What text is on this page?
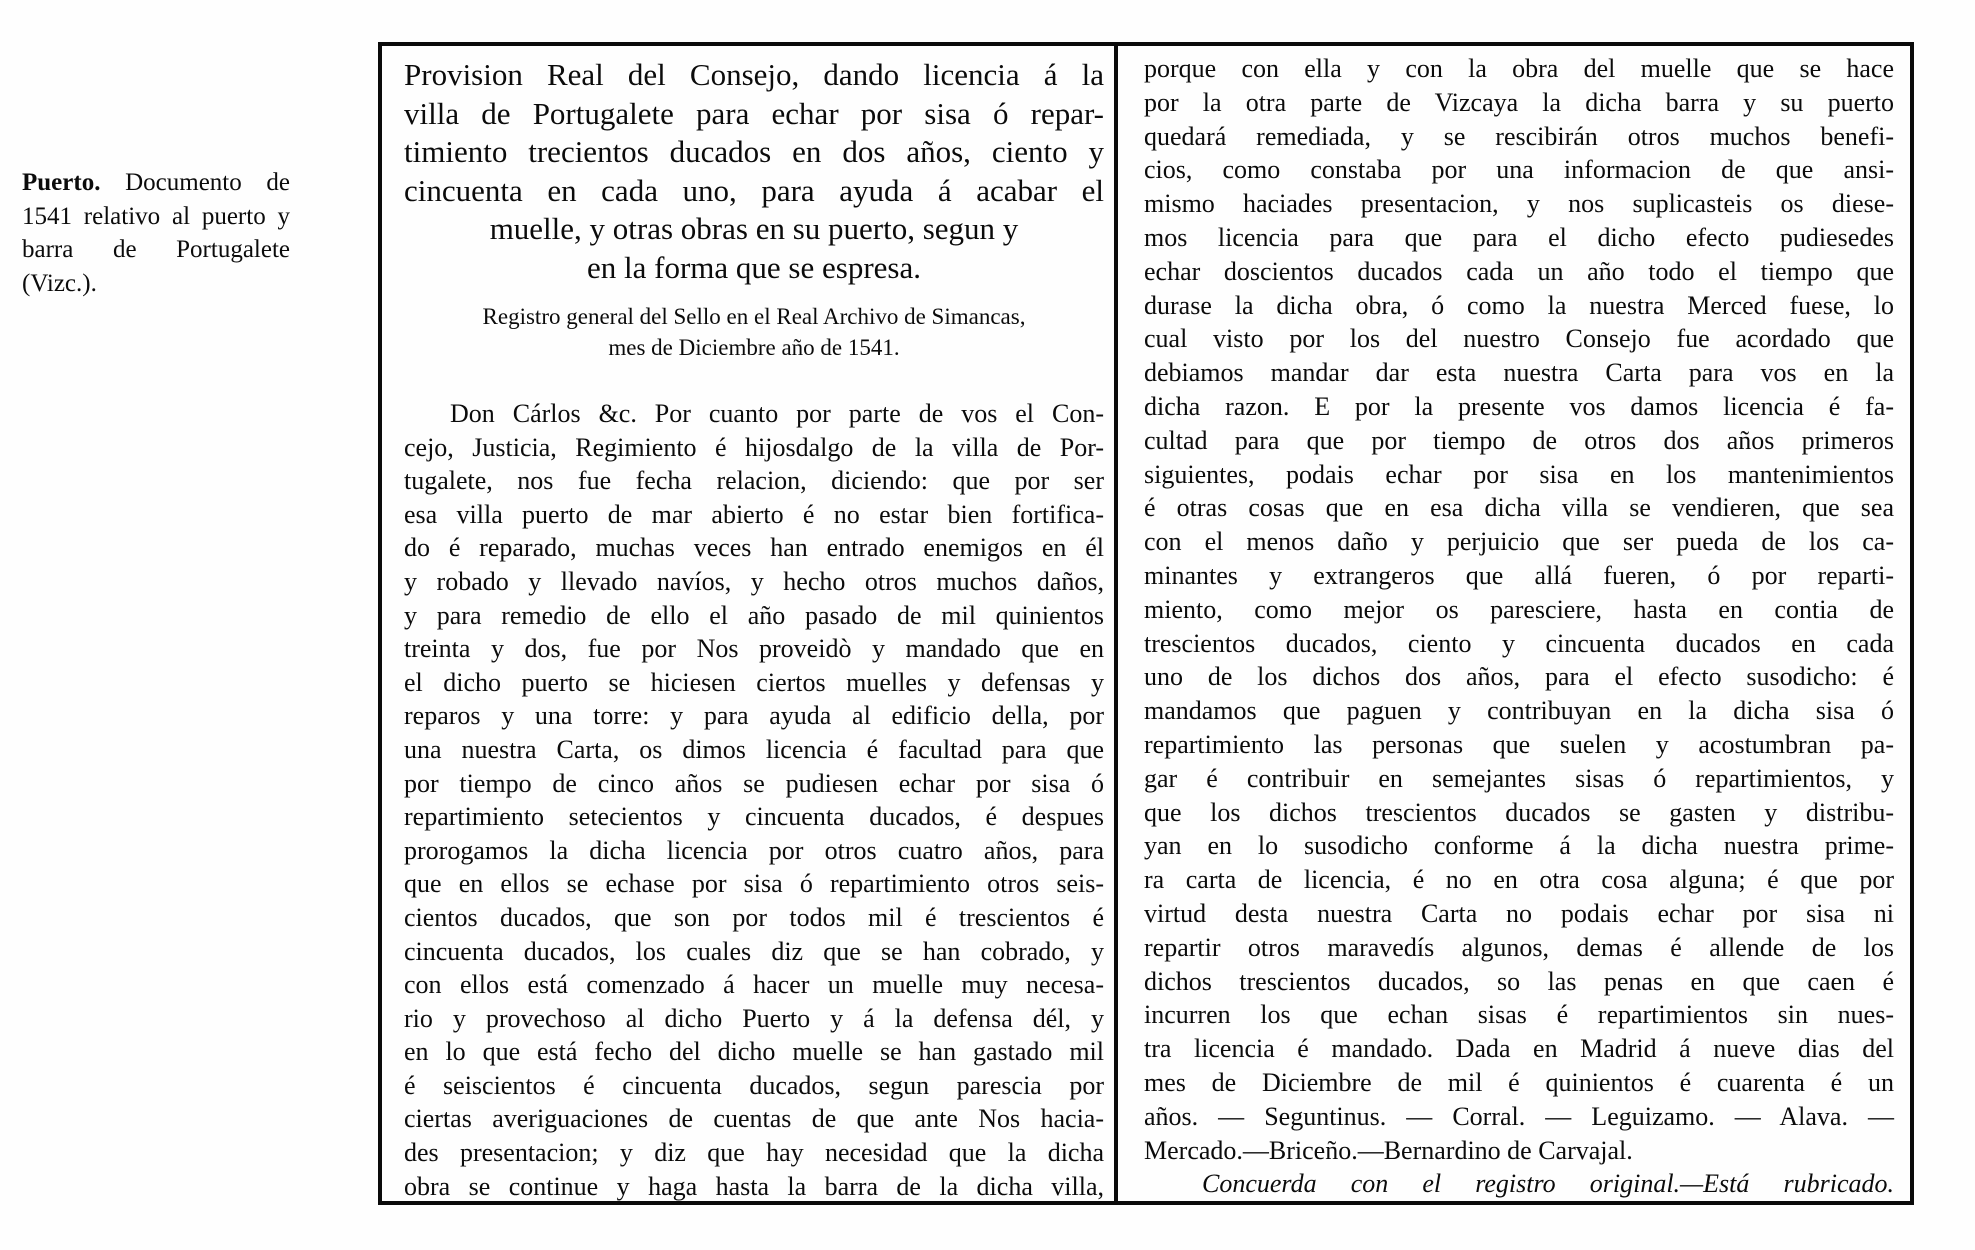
Puerto. Documento de
1541 relativo al puerto y
barra de Portugalete
(Vizc.).
Provision Real del Consejo, dando licencia á la
villa de Portugalete para echar por sisa ó repar-
timiento trecientos ducados en dos años, ciento y
cincuenta en cada uno, para ayuda á acabar el
muelle, y otras obras en su puerto, segun y
en la forma que se espresa.
Registro general del Sello en el Real Archivo de Simancas,
mes de Diciembre año de 1541.
Don Cárlos &c. Por cuanto por parte de vos el Con-
cejo, Justicia, Regimiento é hijosdalgo de la villa de Por-
tugalete, nos fue fecha relacion, diciendo: que por ser
esa villa puerto de mar abierto é no estar bien fortifica-
do é reparado, muchas veces han entrado enemigos en él
y robado y llevado navíos, y hecho otros muchos daños,
y para remedio de ello el año pasado de mil quinientos
treinta y dos, fue por Nos proveidò y mandado que en
el dicho puerto se hiciesen ciertos muelles y defensas y
reparos y una torre: y para ayuda al edificio della, por
una nuestra Carta, os dimos licencia é facultad para que
por tiempo de cinco años se pudiesen echar por sisa ó
repartimiento setecientos y cincuenta ducados, é despues
prorogamos la dicha licencia por otros cuatro años, para
que en ellos se echase por sisa ó repartimiento otros seis-
cientos ducados, que son por todos mil é trescientos é
cincuenta ducados, los cuales diz que se han cobrado, y
con ellos está comenzado á hacer un muelle muy necesa-
rio y provechoso al dicho Puerto y á la defensa dél, y
en lo que está fecho del dicho muelle se han gastado mil
é seiscientos é cincuenta ducados, segun parescia por
ciertas averiguaciones de cuentas de que ante Nos hacia-
des presentacion; y diz que hay necesidad que la dicha
obra se continue y haga hasta la barra de la dicha villa,
porque con ella y con la obra del muelle que se hace
por la otra parte de Vizcaya la dicha barra y su puerto
quedará remediada, y se rescibirán otros muchos benefi-
cios, como constaba por una informacion de que ansi-
mismo haciades presentacion, y nos suplicasteis os diese-
mos licencia para que para el dicho efecto pudiesedes
echar doscientos ducados cada un año todo el tiempo que
durase la dicha obra, ó como la nuestra Merced fuese, lo
cual visto por los del nuestro Consejo fue acordado que
debiamos mandar dar esta nuestra Carta para vos en la
dicha razon. E por la presente vos damos licencia é fa-
cultad para que por tiempo de otros dos años primeros
siguientes, podais echar por sisa en los mantenimientos
é otras cosas que en esa dicha villa se vendieren, que sea
con el menos daño y perjuicio que ser pueda de los ca-
minantes y extrangeros que allá fueren, ó por reparti-
miento, como mejor os paresciere, hasta en contia de
trescientos ducados, ciento y cincuenta ducados en cada
uno de los dichos dos años, para el efecto susodicho: é
mandamos que paguen y contribuyan en la dicha sisa ó
repartimiento las personas que suelen y acostumbran pa-
gar é contribuir en semejantes sisas ó repartimientos, y
que los dichos trescientos ducados se gasten y distribu-
yan en lo susodicho conforme á la dicha nuestra prime-
ra carta de licencia, é no en otra cosa alguna; é que por
virtud desta nuestra Carta no podais echar por sisa ni
repartir otros maravedís algunos, demas é allende de los
dichos trescientos ducados, so las penas en que caen é
incurren los que echan sisas é repartimientos sin nues-
tra licencia é mandado. Dada en Madrid á nueve dias del
mes de Diciembre de mil é quinientos é cuarenta é un
años. — Seguntinus. — Corral. — Leguizamo. — Alava. —
Mercado.—Briceño.—Bernardino de Carvajal.
Concuerda con el registro original.—Está rubricado.
